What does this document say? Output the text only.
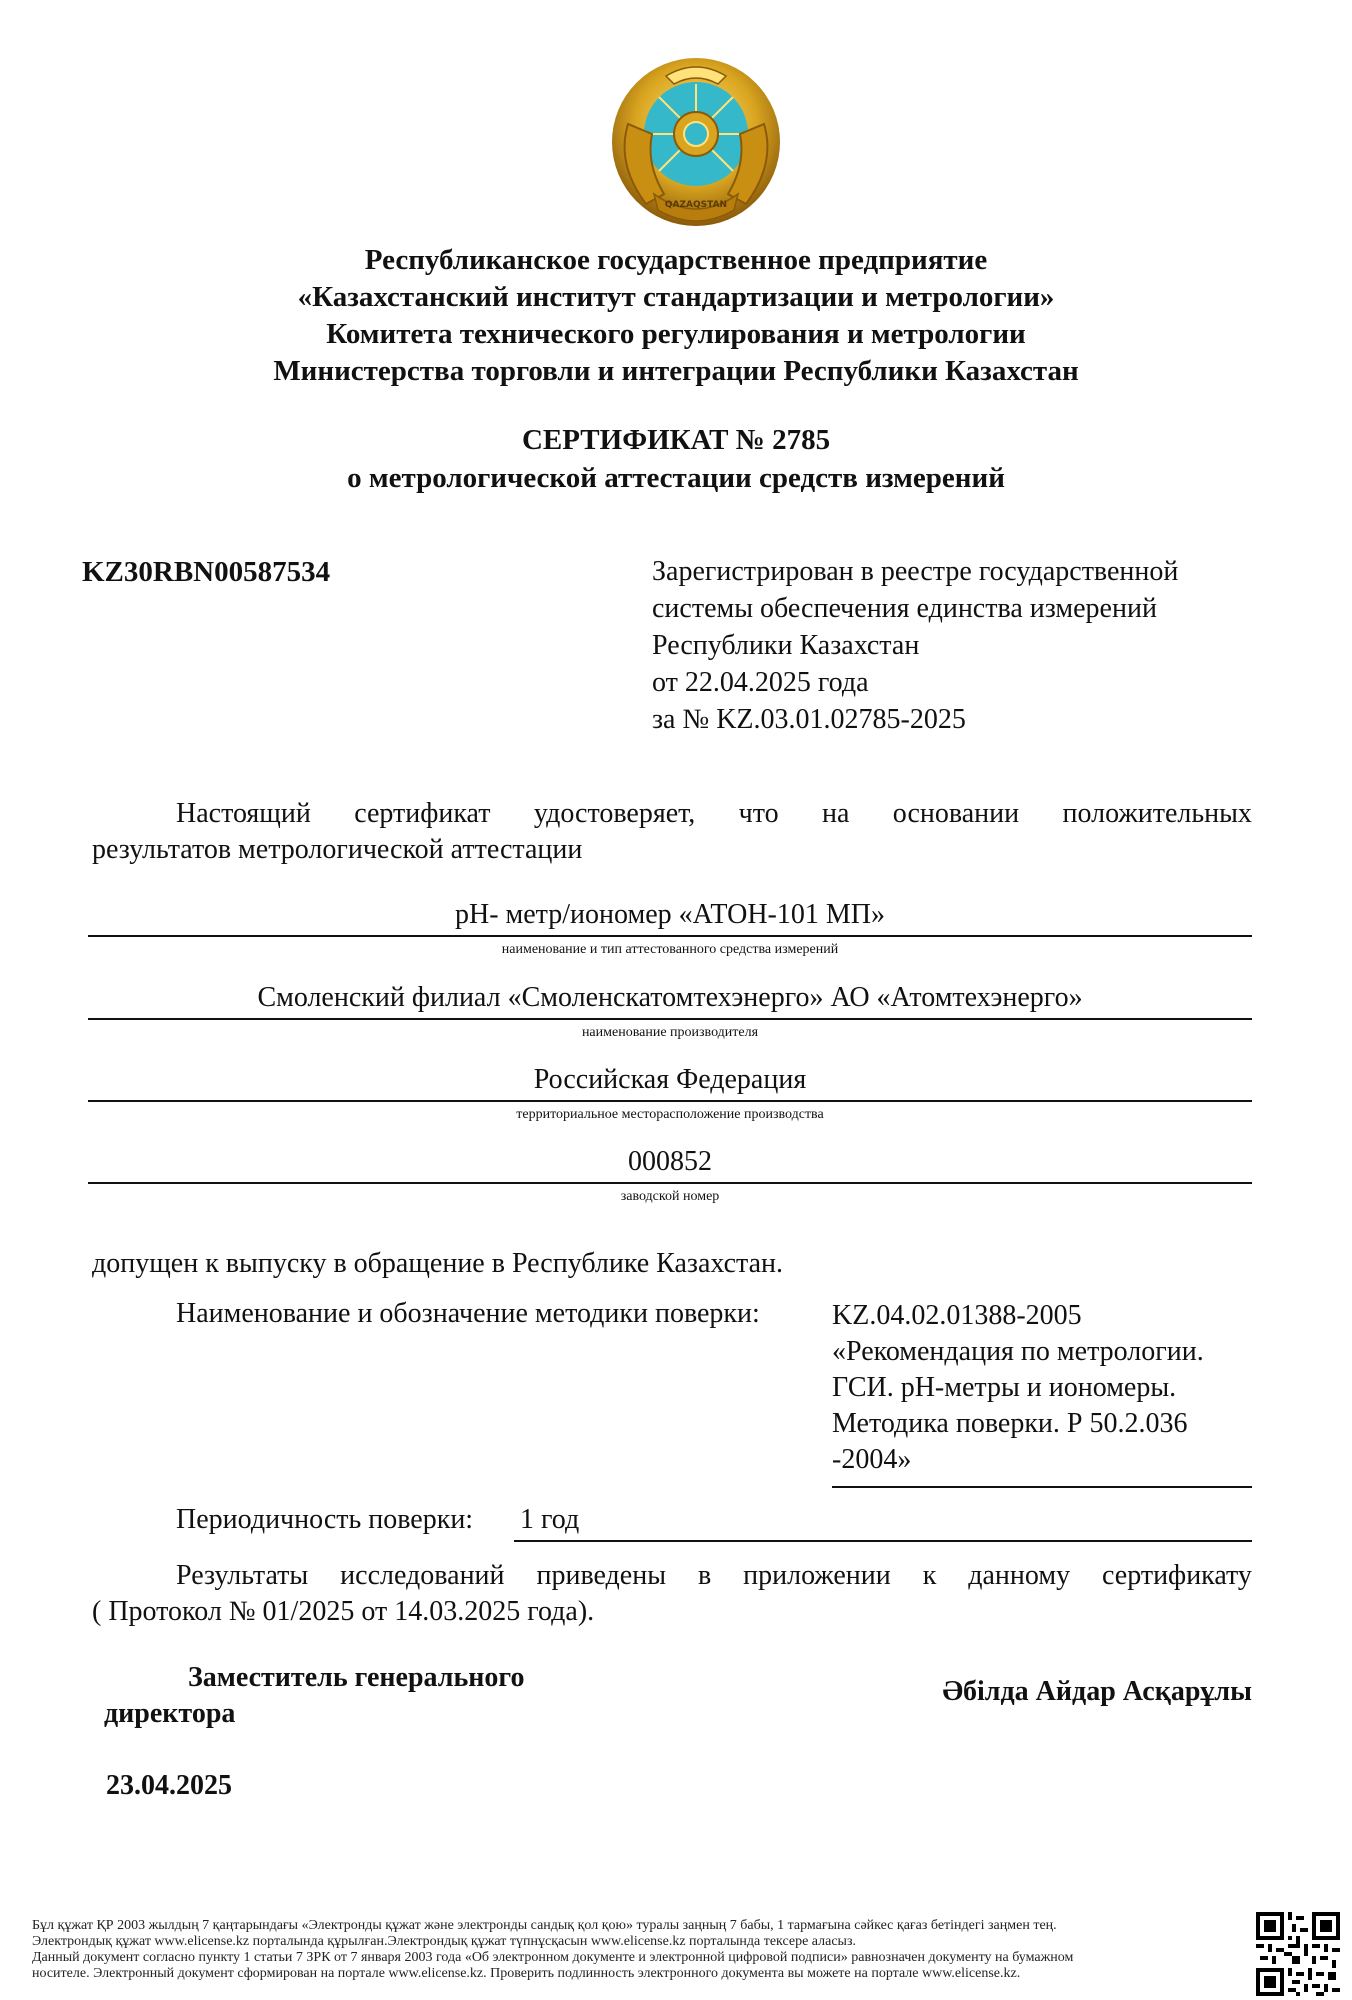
QAZAQSTAN
Республиканское государственное предприятие
«Казахстанский институт стандартизации и метрологии»
Комитета технического регулирования и метрологии
Министерства торговли и интеграции Республики Казахстан
СЕРТИФИКАТ № 2785
о метрологической аттестации средств измерений
KZ30RBN00587534	Зарегистрирован в реестре государственной
системы обеспечения единства измерений
Республики Казахстан
от 22.04.2025 года
за № KZ.03.01.02785-2025
Настоящий сертификат удостоверяет, что на основании положительных
результатов метрологической аттестации
pH- метр/иономер «АТОН-101 МП»
наименование и тип аттестованного средства измерений
Смоленский филиал «Смоленскатомтехэнерго» АО «Атомтехэнерго»
наименование производителя
Российская Федерация
территориальное месторасположение производства
000852
заводской номер
допущен к выпуску в обращение в Республике Казахстан.
Наименование и обозначение методики поверки:	KZ.04.02.01388-2005
«Рекомендация по метрологии.
ГСИ. pH-метры и иономеры.
Методика поверки. Р 50.2.036
-2004»
Периодичность поверки: 1 год
Результаты исследований приведены в приложении к данному сертификату
( Протокол № 01/2025 от 14.03.2025 года).
Заместитель генерального
директора
Әбілда Айдар Асқарұлы
23.04.2025
Бұл құжат ҚР 2003 жылдың 7 қаңтарындағы «Электронды құжат және электронды сандық қол қою» туралы заңның 7 бабы, 1 тармағына сәйкес қағаз бетіндегі заңмен тең.
Электрондық құжат www.elicense.kz порталында құрылған.Электрондық құжат түпнұсқасын www.elicense.kz порталында тексере аласыз.
Данный документ согласно пункту 1 статьи 7 ЗРК от 7 января 2003 года «Об электронном документе и электронной цифровой подписи» равнозначен документу на бумажном
носителе. Электронный документ сформирован на портале www.elicense.kz. Проверить подлинность электронного документа вы можете на портале www.elicense.kz.
